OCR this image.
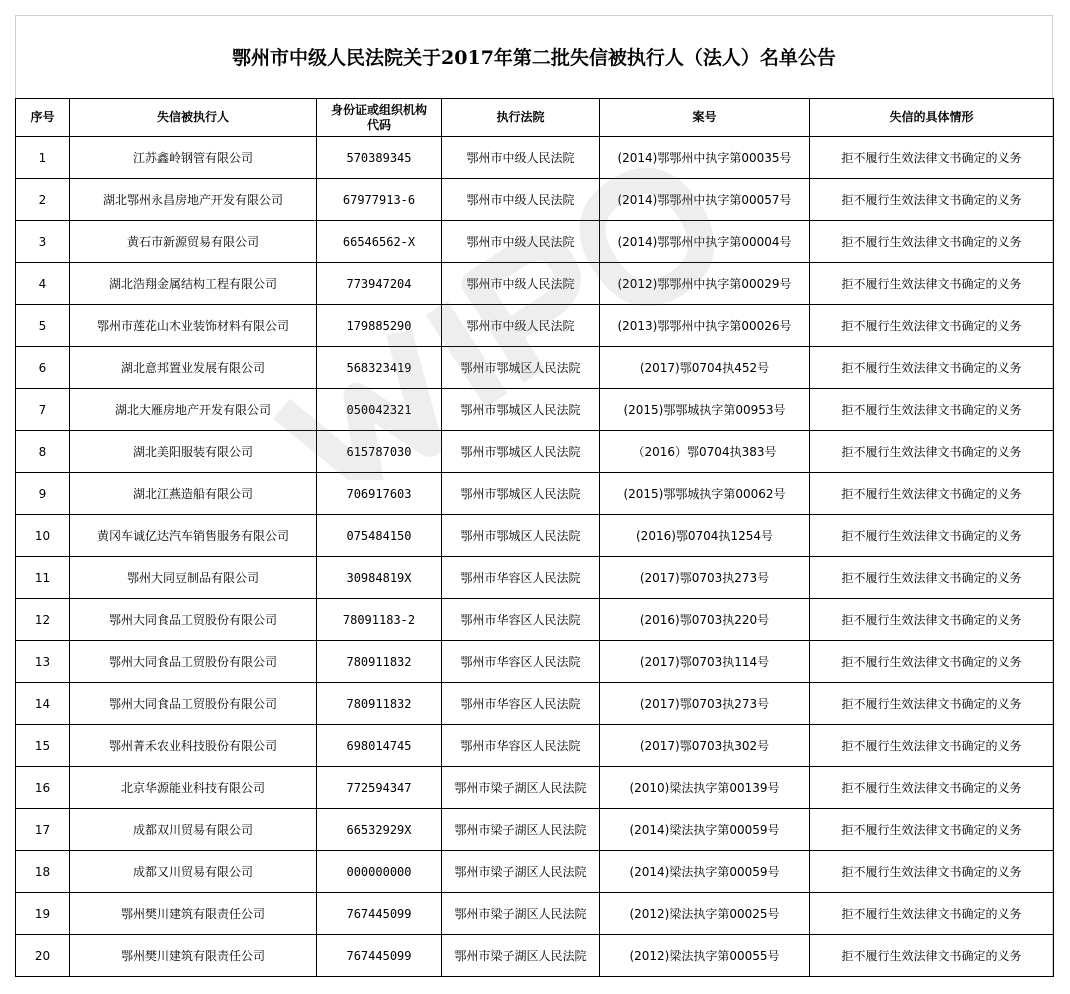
鄂州市中级人民法院关于2017年第二批失信被执行人（法人）名单公告
序号	失信被执行人	身份证或组织机构代码	执行法院	案号	失信的具体情形
1	江苏鑫岭钢管有限公司	570389345	鄂州市中级人民法院	(2014)鄂鄂州中执字第00035号	拒不履行生效法律文书确定的义务
2	湖北鄂州永昌房地产开发有限公司	67977913-6	鄂州市中级人民法院	(2014)鄂鄂州中执字第00057号	拒不履行生效法律文书确定的义务
3	黄石市新源贸易有限公司	66546562-X	鄂州市中级人民法院	(2014)鄂鄂州中执字第00004号	拒不履行生效法律文书确定的义务
4	湖北浩翔金属结构工程有限公司	773947204	鄂州市中级人民法院	(2012)鄂鄂州中执字第00029号	拒不履行生效法律文书确定的义务
5	鄂州市莲花山木业装饰材料有限公司	179885290	鄂州市中级人民法院	(2013)鄂鄂州中执字第00026号	拒不履行生效法律文书确定的义务
6	湖北意邦置业发展有限公司	568323419	鄂州市鄂城区人民法院	(2017)鄂0704执452号	拒不履行生效法律文书确定的义务
7	湖北大雁房地产开发有限公司	050042321	鄂州市鄂城区人民法院	(2015)鄂鄂城执字第00953号	拒不履行生效法律文书确定的义务
8	湖北美阳服装有限公司	615787030	鄂州市鄂城区人民法院	（2016）鄂0704执383号	拒不履行生效法律文书确定的义务
9	湖北江燕造船有限公司	706917603	鄂州市鄂城区人民法院	(2015)鄂鄂城执字第00062号	拒不履行生效法律文书确定的义务
10	黄冈车诚亿达汽车销售服务有限公司	075484150	鄂州市鄂城区人民法院	(2016)鄂0704执1254号	拒不履行生效法律文书确定的义务
11	鄂州大同豆制品有限公司	30984819X	鄂州市华容区人民法院	(2017)鄂0703执273号	拒不履行生效法律文书确定的义务
12	鄂州大同食品工贸股份有限公司	78091183-2	鄂州市华容区人民法院	(2016)鄂0703执220号	拒不履行生效法律文书确定的义务
13	鄂州大同食品工贸股份有限公司	780911832	鄂州市华容区人民法院	(2017)鄂0703执114号	拒不履行生效法律文书确定的义务
14	鄂州大同食品工贸股份有限公司	780911832	鄂州市华容区人民法院	(2017)鄂0703执273号	拒不履行生效法律文书确定的义务
15	鄂州菁禾农业科技股份有限公司	698014745	鄂州市华容区人民法院	(2017)鄂0703执302号	拒不履行生效法律文书确定的义务
16	北京华源能业科技有限公司	772594347	鄂州市梁子湖区人民法院	(2010)梁法执字第00139号	拒不履行生效法律文书确定的义务
17	成都双川贸易有限公司	66532929X	鄂州市梁子湖区人民法院	(2014)梁法执字第00059号	拒不履行生效法律文书确定的义务
18	成都又川贸易有限公司	000000000	鄂州市梁子湖区人民法院	(2014)梁法执字第00059号	拒不履行生效法律文书确定的义务
19	鄂州樊川建筑有限责任公司	767445099	鄂州市梁子湖区人民法院	(2012)梁法执字第00025号	拒不履行生效法律文书确定的义务
20	鄂州樊川建筑有限责任公司	767445099	鄂州市梁子湖区人民法院	(2012)梁法执字第00055号	拒不履行生效法律文书确定的义务
